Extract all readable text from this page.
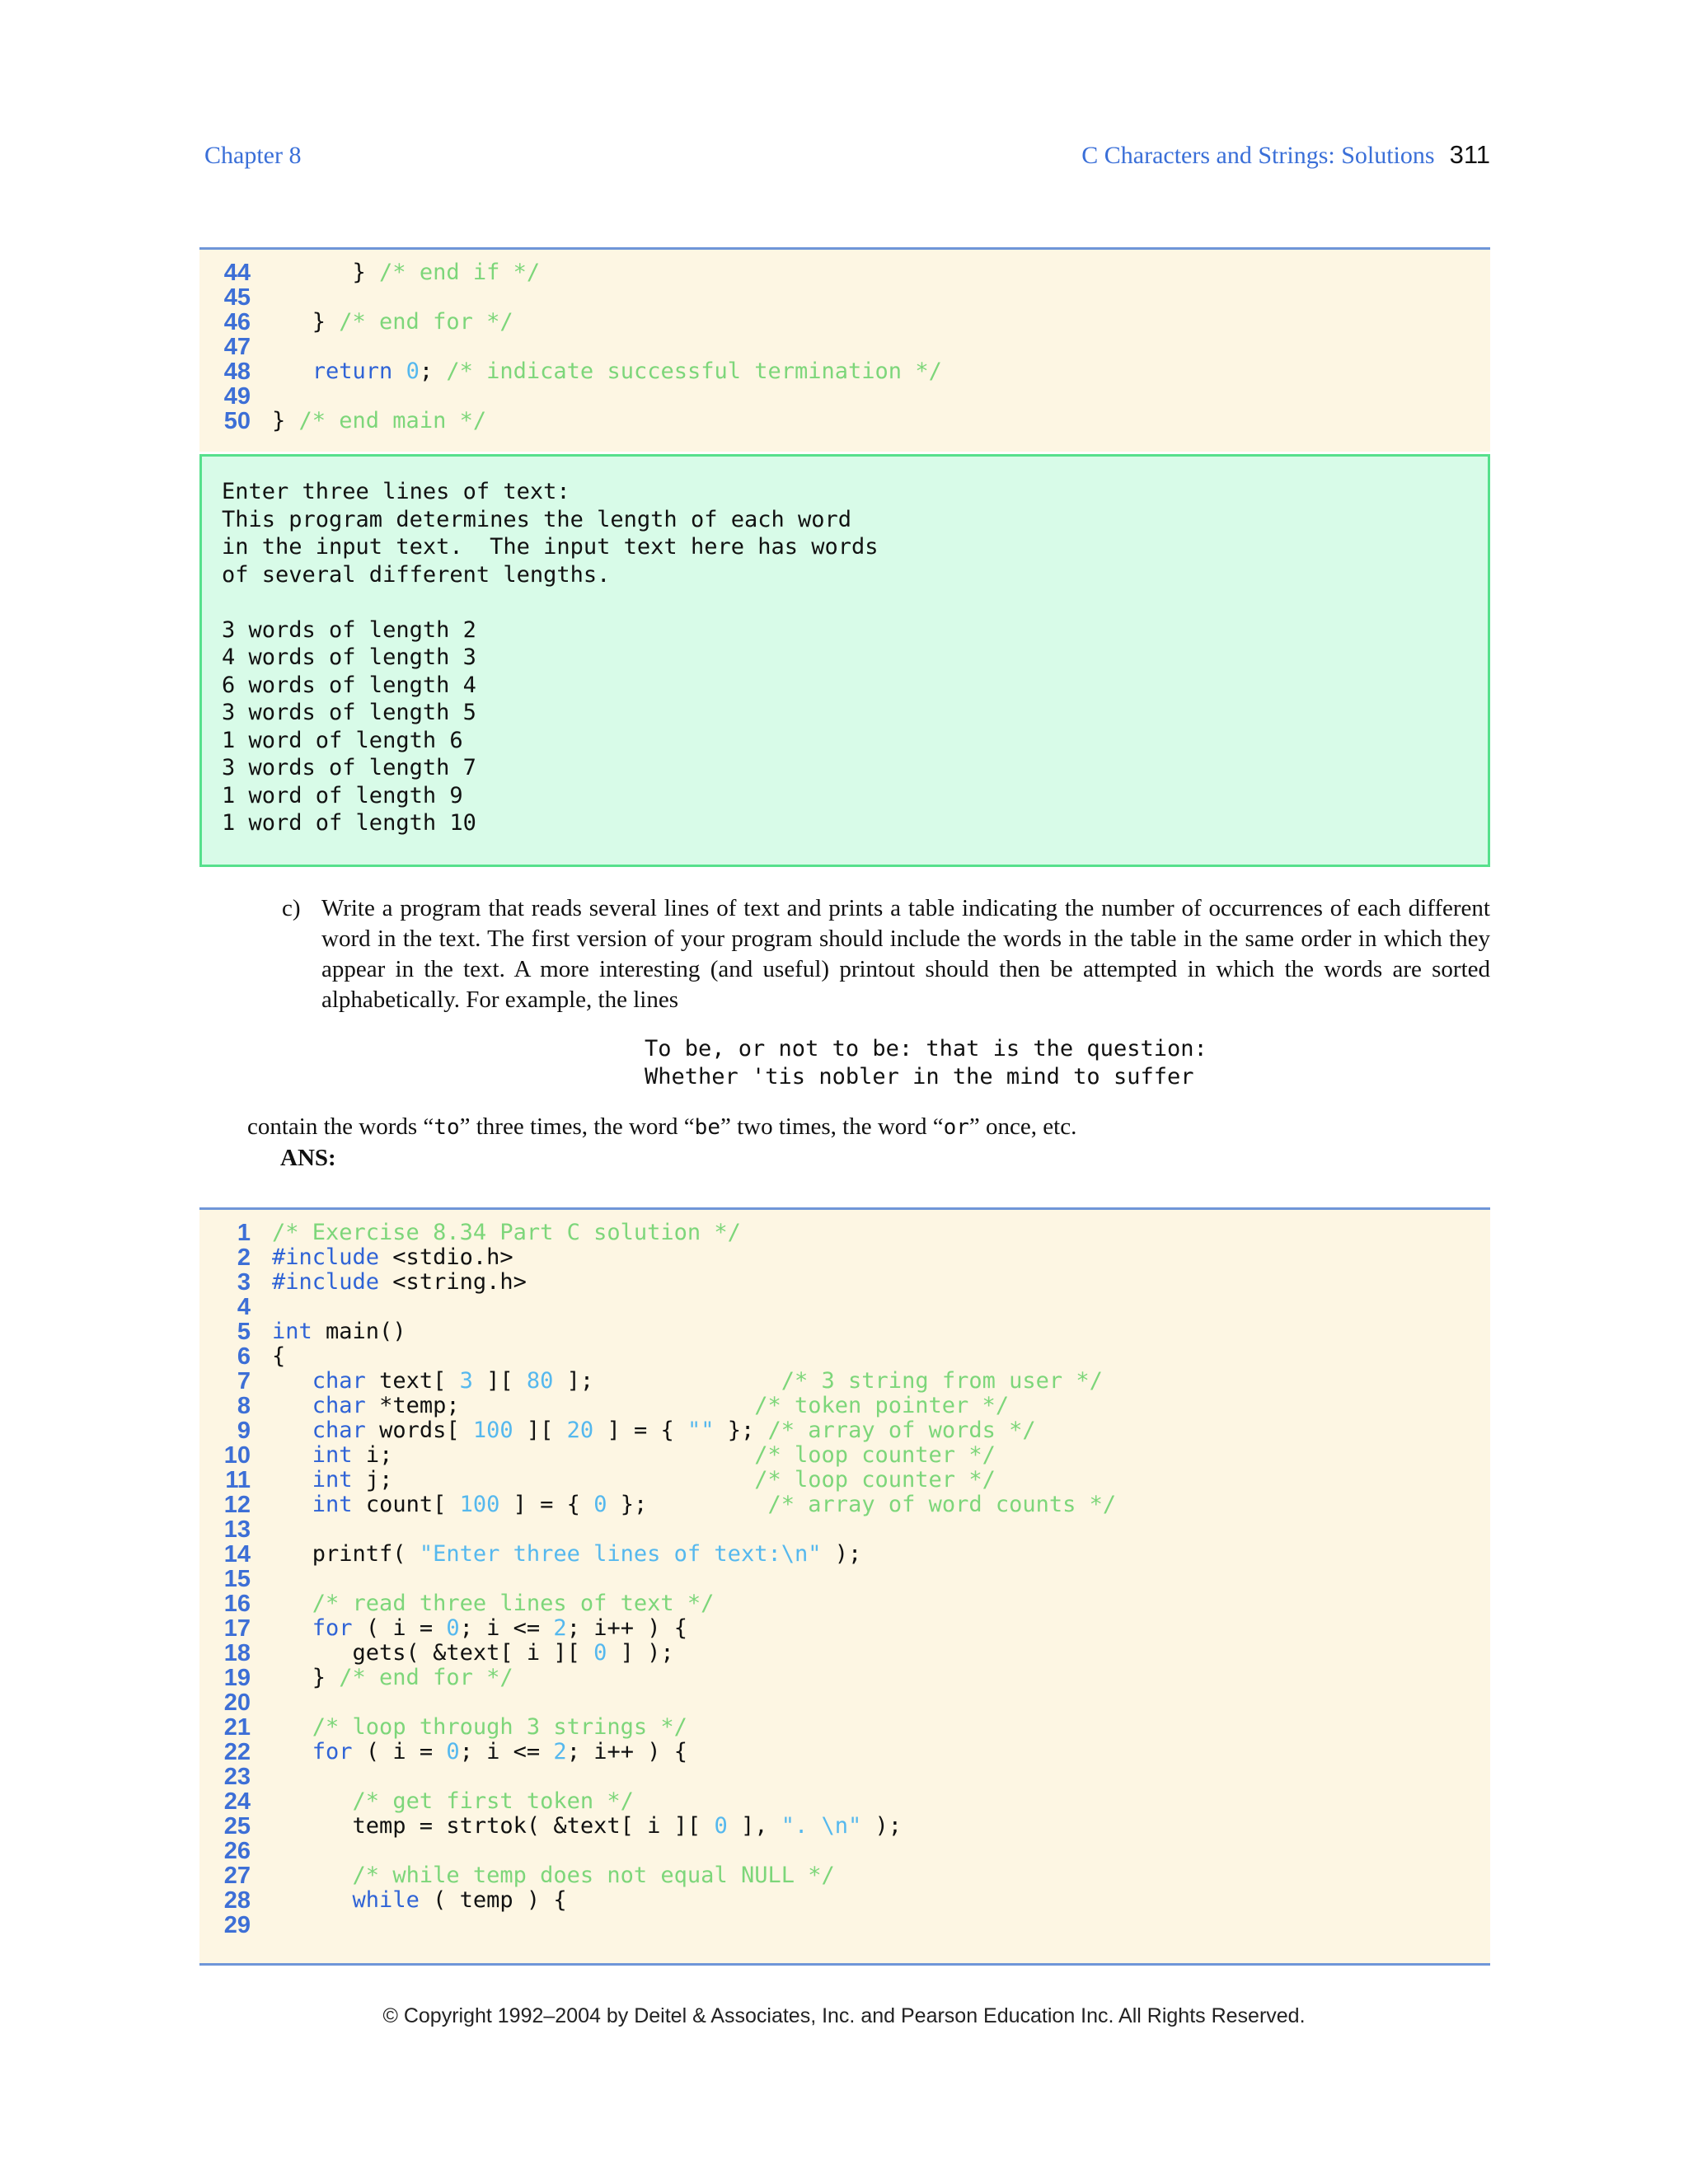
Chapter 8	C Characters and Strings: Solutions 311
44 } /* end if */
45
46 } /* end for */
47
48	return 0; /* indicate successful termination */
49
50 } /* end main */
Enter three lines of text:
This program determines the length of each word
in the input text.  The input text here has words
of several different lengths.

3 words of length 2
4 words of length 3
6 words of length 4
3 words of length 5
1 word of length 6
3 words of length 7
1 word of length 9
1 word of length 10
c) Write a program that reads several lines of text and prints a table indicating the number of occurrences of each different word in the text. The first version of your program should include the words in the table in the same order in which they appear in the text. A more interesting (and useful) printout should then be attempted in which the words are sorted alphabetically. For example, the lines
To be, or not to be: that is the question:
Whether 'tis nobler in the mind to suffer
contain the words “to” three times, the word “be” two times, the word “or” once, etc.
ANS:
1 /* Exercise 8.34 Part C solution */
2 #include <stdio.h>
3 #include <string.h>
4
5 int main()
6 {
7	char text[ 3 ][ 80 ];              /* 3 string from user */
8	char *temp;                      /* token pointer */
9	char words[ 100 ][ 20 ] = { "" }; /* array of words */
10	int i;                           /* loop counter */
11	int j;                           /* loop counter */
12	int count[ 100 ] = { 0 };         /* array of word counts */
13
14 printf( "Enter three lines of text:\n" );
15
16	/* read three lines of text */
17	for ( i = 0; i <= 2; i++ ) {
18 gets( &text[ i ][ 0 ] );
19 } /* end for */
20
21	/* loop through 3 strings */
22	for ( i = 0; i <= 2; i++ ) {
23
24	/* get first token */
25 temp = strtok( &text[ i ][ 0 ], ". \n" );
26
27	/* while temp does not equal NULL */
28	while ( temp ) {
29
© Copyright 1992–2004 by Deitel & Associates, Inc. and Pearson Education Inc. All Rights Reserved.
